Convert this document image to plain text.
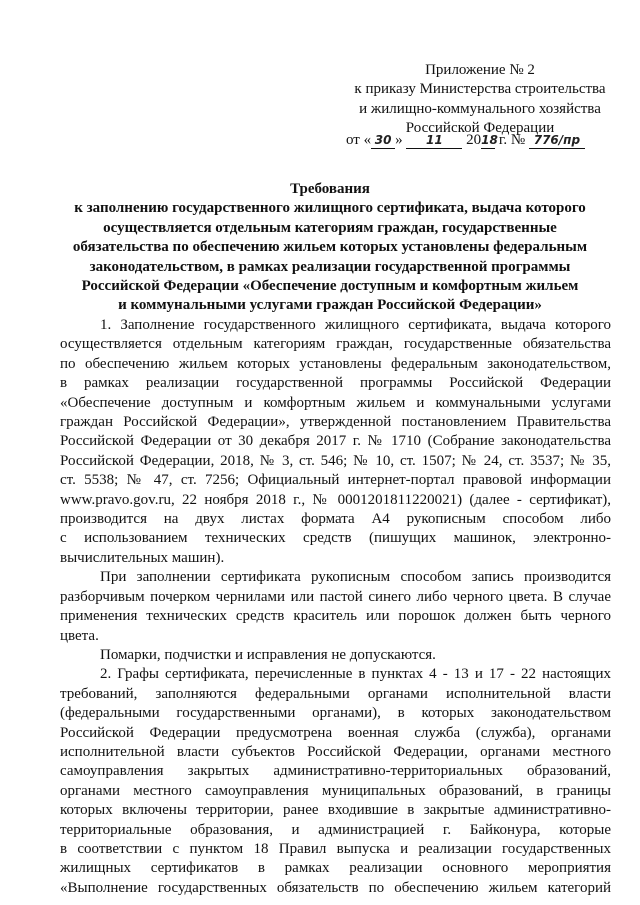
Приложение № 2
к приказу Министерства строительства
и жилищно-коммунального хозяйства
Российской Федерации
от « 30 » 11 2018 г. № 776/пр
Требования
к заполнению государственного жилищного сертификата, выдача которого
осуществляется отдельным категориям граждан, государственные
обязательства по обеспечению жильем которых установлены федеральным
законодательством, в рамках реализации государственной программы
Российской Федерации «Обеспечение доступным и комфортным жильем
и коммунальными услугами граждан Российской Федерации»
1. Заполнение государственного жилищного сертификата, выдача которого
осуществляется отдельным категориям граждан, государственные обязательства
по обеспечению жильем которых установлены федеральным законодательством,
в рамках реализации государственной программы Российской Федерации
«Обеспечение доступным и комфортным жильем и коммунальными услугами
граждан Российской Федерации», утвержденной постановлением Правительства
Российской Федерации от 30 декабря 2017 г. № 1710 (Собрание законодательства
Российской Федерации, 2018, № 3, ст. 546; № 10, ст. 1507; № 24, ст. 3537; № 35,
ст. 5538; № 47, ст. 7256; Официальный интернет-портал правовой информации
www.pravo.gov.ru, 22 ноября 2018 г., № 0001201811220021) (далее - сертификат),
производится на двух листах формата А4 рукописным способом либо
с использованием технических средств (пишущих машинок, электронно-
вычислительных машин).
При заполнении сертификата рукописным способом запись производится
разборчивым почерком чернилами или пастой синего либо черного цвета. В случае
применения технических средств краситель или порошок должен быть черного
цвета.
Помарки, подчистки и исправления не допускаются.
2. Графы сертификата, перечисленные в пунктах 4 - 13 и 17 - 22 настоящих
требований, заполняются федеральными органами исполнительной власти
(федеральными государственными органами), в которых законодательством
Российской Федерации предусмотрена военная служба (служба), органами
исполнительной власти субъектов Российской Федерации, органами местного
самоуправления закрытых административно-территориальных образований,
органами местного самоуправления муниципальных образований, в границы
которых включены территории, ранее входившие в закрытые административно-
территориальные образования, и администрацией г. Байконура, которые
в соответствии с пунктом 18 Правил выпуска и реализации государственных
жилищных сертификатов в рамках реализации основного мероприятия
«Выполнение государственных обязательств по обеспечению жильем категорий
